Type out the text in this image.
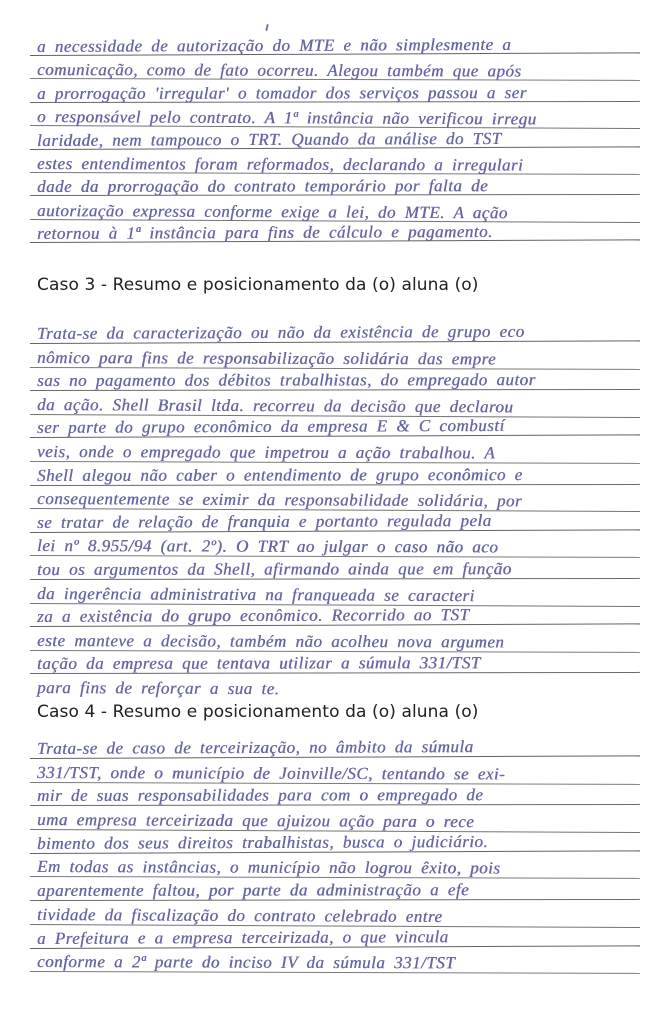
a necessidade de autorização do MTE e não simplesmente a
comunicação, como de fato ocorreu. Alegou também que após
a prorrogação 'irregular' o tomador dos serviços passou a ser
o responsável pelo contrato. A 1ª instância não verificou irregu
laridade, nem tampouco o TRT. Quando da análise do TST
estes entendimentos foram reformados, declarando a irregulari
dade da prorrogação do contrato temporário por falta de
autorização expressa conforme exige a lei, do MTE. A ação
retornou à 1ª instância para fins de cálculo e pagamento.
Caso 3 - Resumo e posicionamento da (o) aluna (o)
Trata-se da caracterização ou não da existência de grupo eco
nômico para fins de responsabilização solidária das empre
sas no pagamento dos débitos trabalhistas, do empregado autor
da ação. Shell Brasil ltda. recorreu da decisão que declarou
ser parte do grupo econômico da empresa E & C combustí
veis, onde o empregado que impetrou a ação trabalhou. A
Shell alegou não caber o entendimento de grupo econômico e
consequentemente se eximir da responsabilidade solidária, por
se tratar de relação de franquia e portanto regulada pela
lei nº 8.955/94 (art. 2º). O TRT ao julgar o caso não aco
tou os argumentos da Shell, afirmando ainda que em função
da ingerência administrativa na franqueada se caracteri
za a existência do grupo econômico. Recorrido ao TST
este manteve a decisão, também não acolheu nova argumen
tação da empresa que tentava utilizar a súmula 331/TST
para fins de reforçar a sua te.
Caso 4 - Resumo e posicionamento da (o) aluna (o)
Trata-se de caso de terceirização, no âmbito da súmula
331/TST, onde o município de Joinville/SC, tentando se exi-
mir de suas responsabilidades para com o empregado de
uma empresa terceirizada que ajuizou ação para o rece
bimento dos seus direitos trabalhistas, busca o judiciário.
Em todas as instâncias, o município não logrou êxito, pois
aparentemente faltou, por parte da administração a efe
tividade da fiscalização do contrato celebrado entre
a Prefeitura e a empresa terceirizada, o que vincula
conforme a 2ª parte do inciso IV da súmula 331/TST
